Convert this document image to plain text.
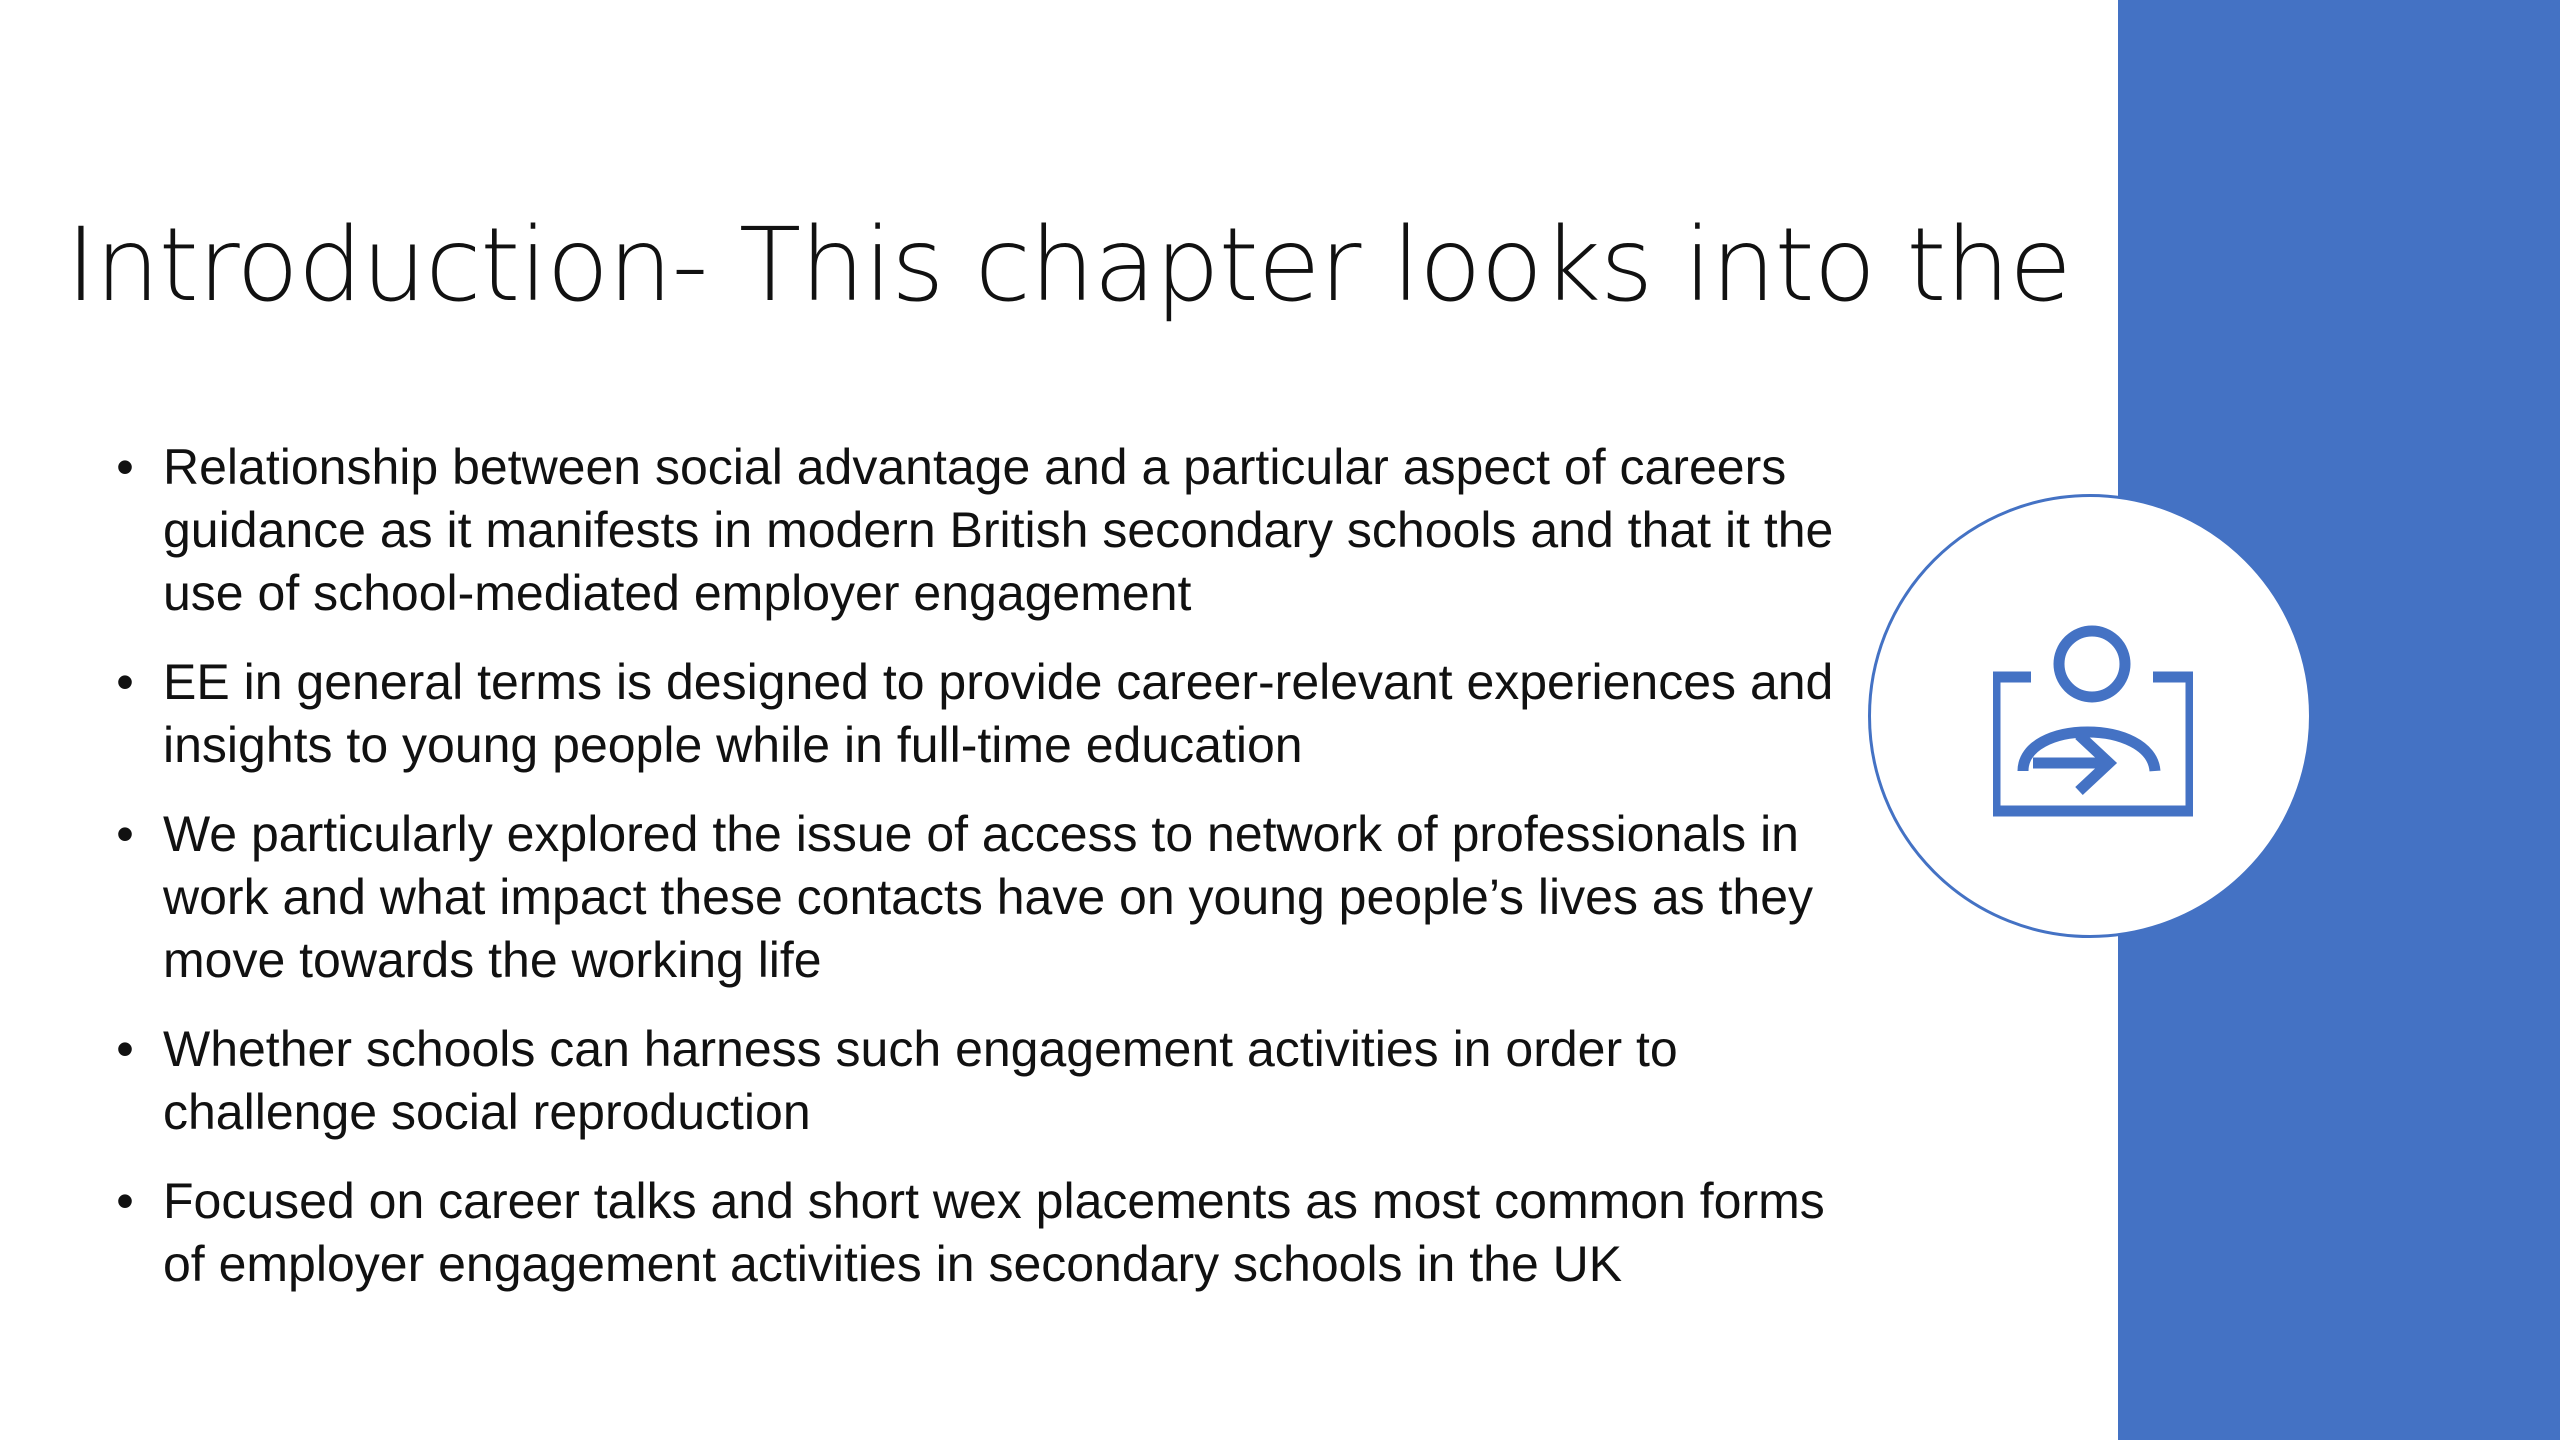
Introduction- This chapter looks into the
• Relationship between social advantage and a particular aspect of careers guidance as it manifests in modern British secondary schools and that it the use of school-mediated employer engagement
• EE in general terms is designed to provide career-relevant experiences and insights to young people while in full-time education
• We particularly explored the issue of access to network of professionals in work and what impact these contacts have on young people’s lives as they move towards the working life
• Whether schools can harness such engagement activities in order to challenge social reproduction
• Focused on career talks and short wex placements as most common forms of employer engagement activities in secondary schools in the UK
